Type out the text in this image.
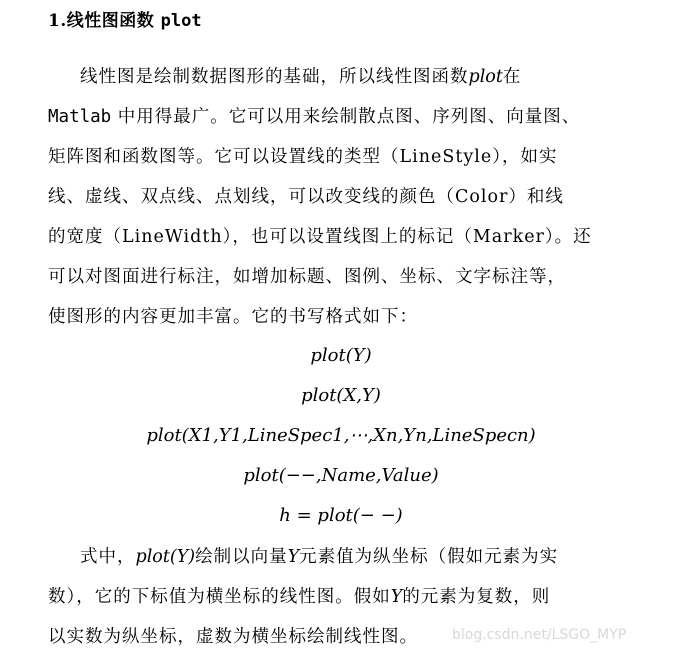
1.线性图函数 plot
线性图是绘制数据图形的基础，所以线性图函数plot在
Matlab 中用得最广。它可以用来绘制散点图、序列图、向量图、
矩阵图和函数图等。它可以设置线的类型（LineStyle），如实
线、虚线、双点线、点划线，可以改变线的颜色（Color）和线
的宽度（LineWidth），也可以设置线图上的标记（Marker）。还
可以对图面进行标注，如增加标题、图例、坐标、文字标注等，
使图形的内容更加丰富。它的书写格式如下：
plot(Y)
plot(X,Y)
plot(X1,Y1,LineSpec1,⋯,Xn,Yn,LineSpecn)
plot(−−,Name,Value)
h = plot(− −)
式中，plot(Y)绘制以向量Y元素值为纵坐标（假如元素为实
数），它的下标值为横坐标的线性图。假如Y的元素为复数，则
以实数为纵坐标，虚数为横坐标绘制线性图。	blog.csdn.net/LSGO_MYP
